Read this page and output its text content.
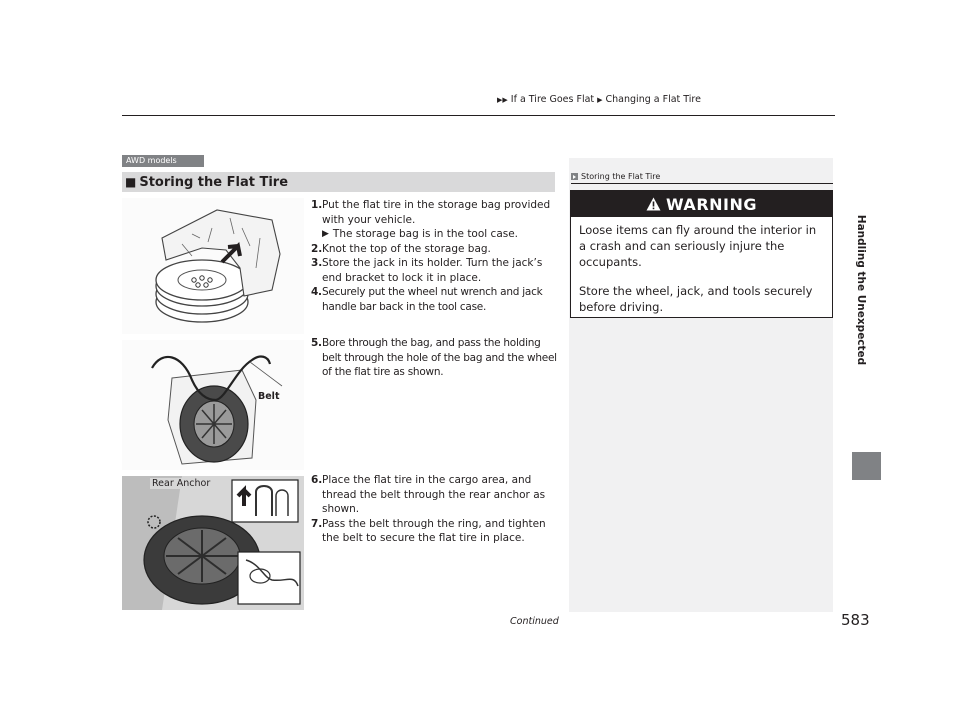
▶▶ If a Tire Goes Flat ▶ Changing a Flat Tire
Handling the Unexpected
AWD models
■ Storing the Flat Tire
Belt
Rear Anchor
1. Put the flat tire in the storage bag provided with your vehicle.
▶ The storage bag is in the tool case.
2. Knot the top of the storage bag.
3. Store the jack in its holder. Turn the jack’s end bracket to lock it in place.
4. Securely put the wheel nut wrench and jack handle bar back in the tool case.
5. Bore through the bag, and pass the holding belt through the hole of the bag and the wheel of the flat tire as shown.
6. Place the flat tire in the cargo area, and thread the belt through the rear anchor as shown.
7. Pass the belt through the ring, and tighten the belt to secure the flat tire in place.
Storing the Flat Tire
WARNING

Loose items can fly around the interior in a crash and can seriously injure the occupants.

Store the wheel, jack, and tools securely before driving.

Continued	583
